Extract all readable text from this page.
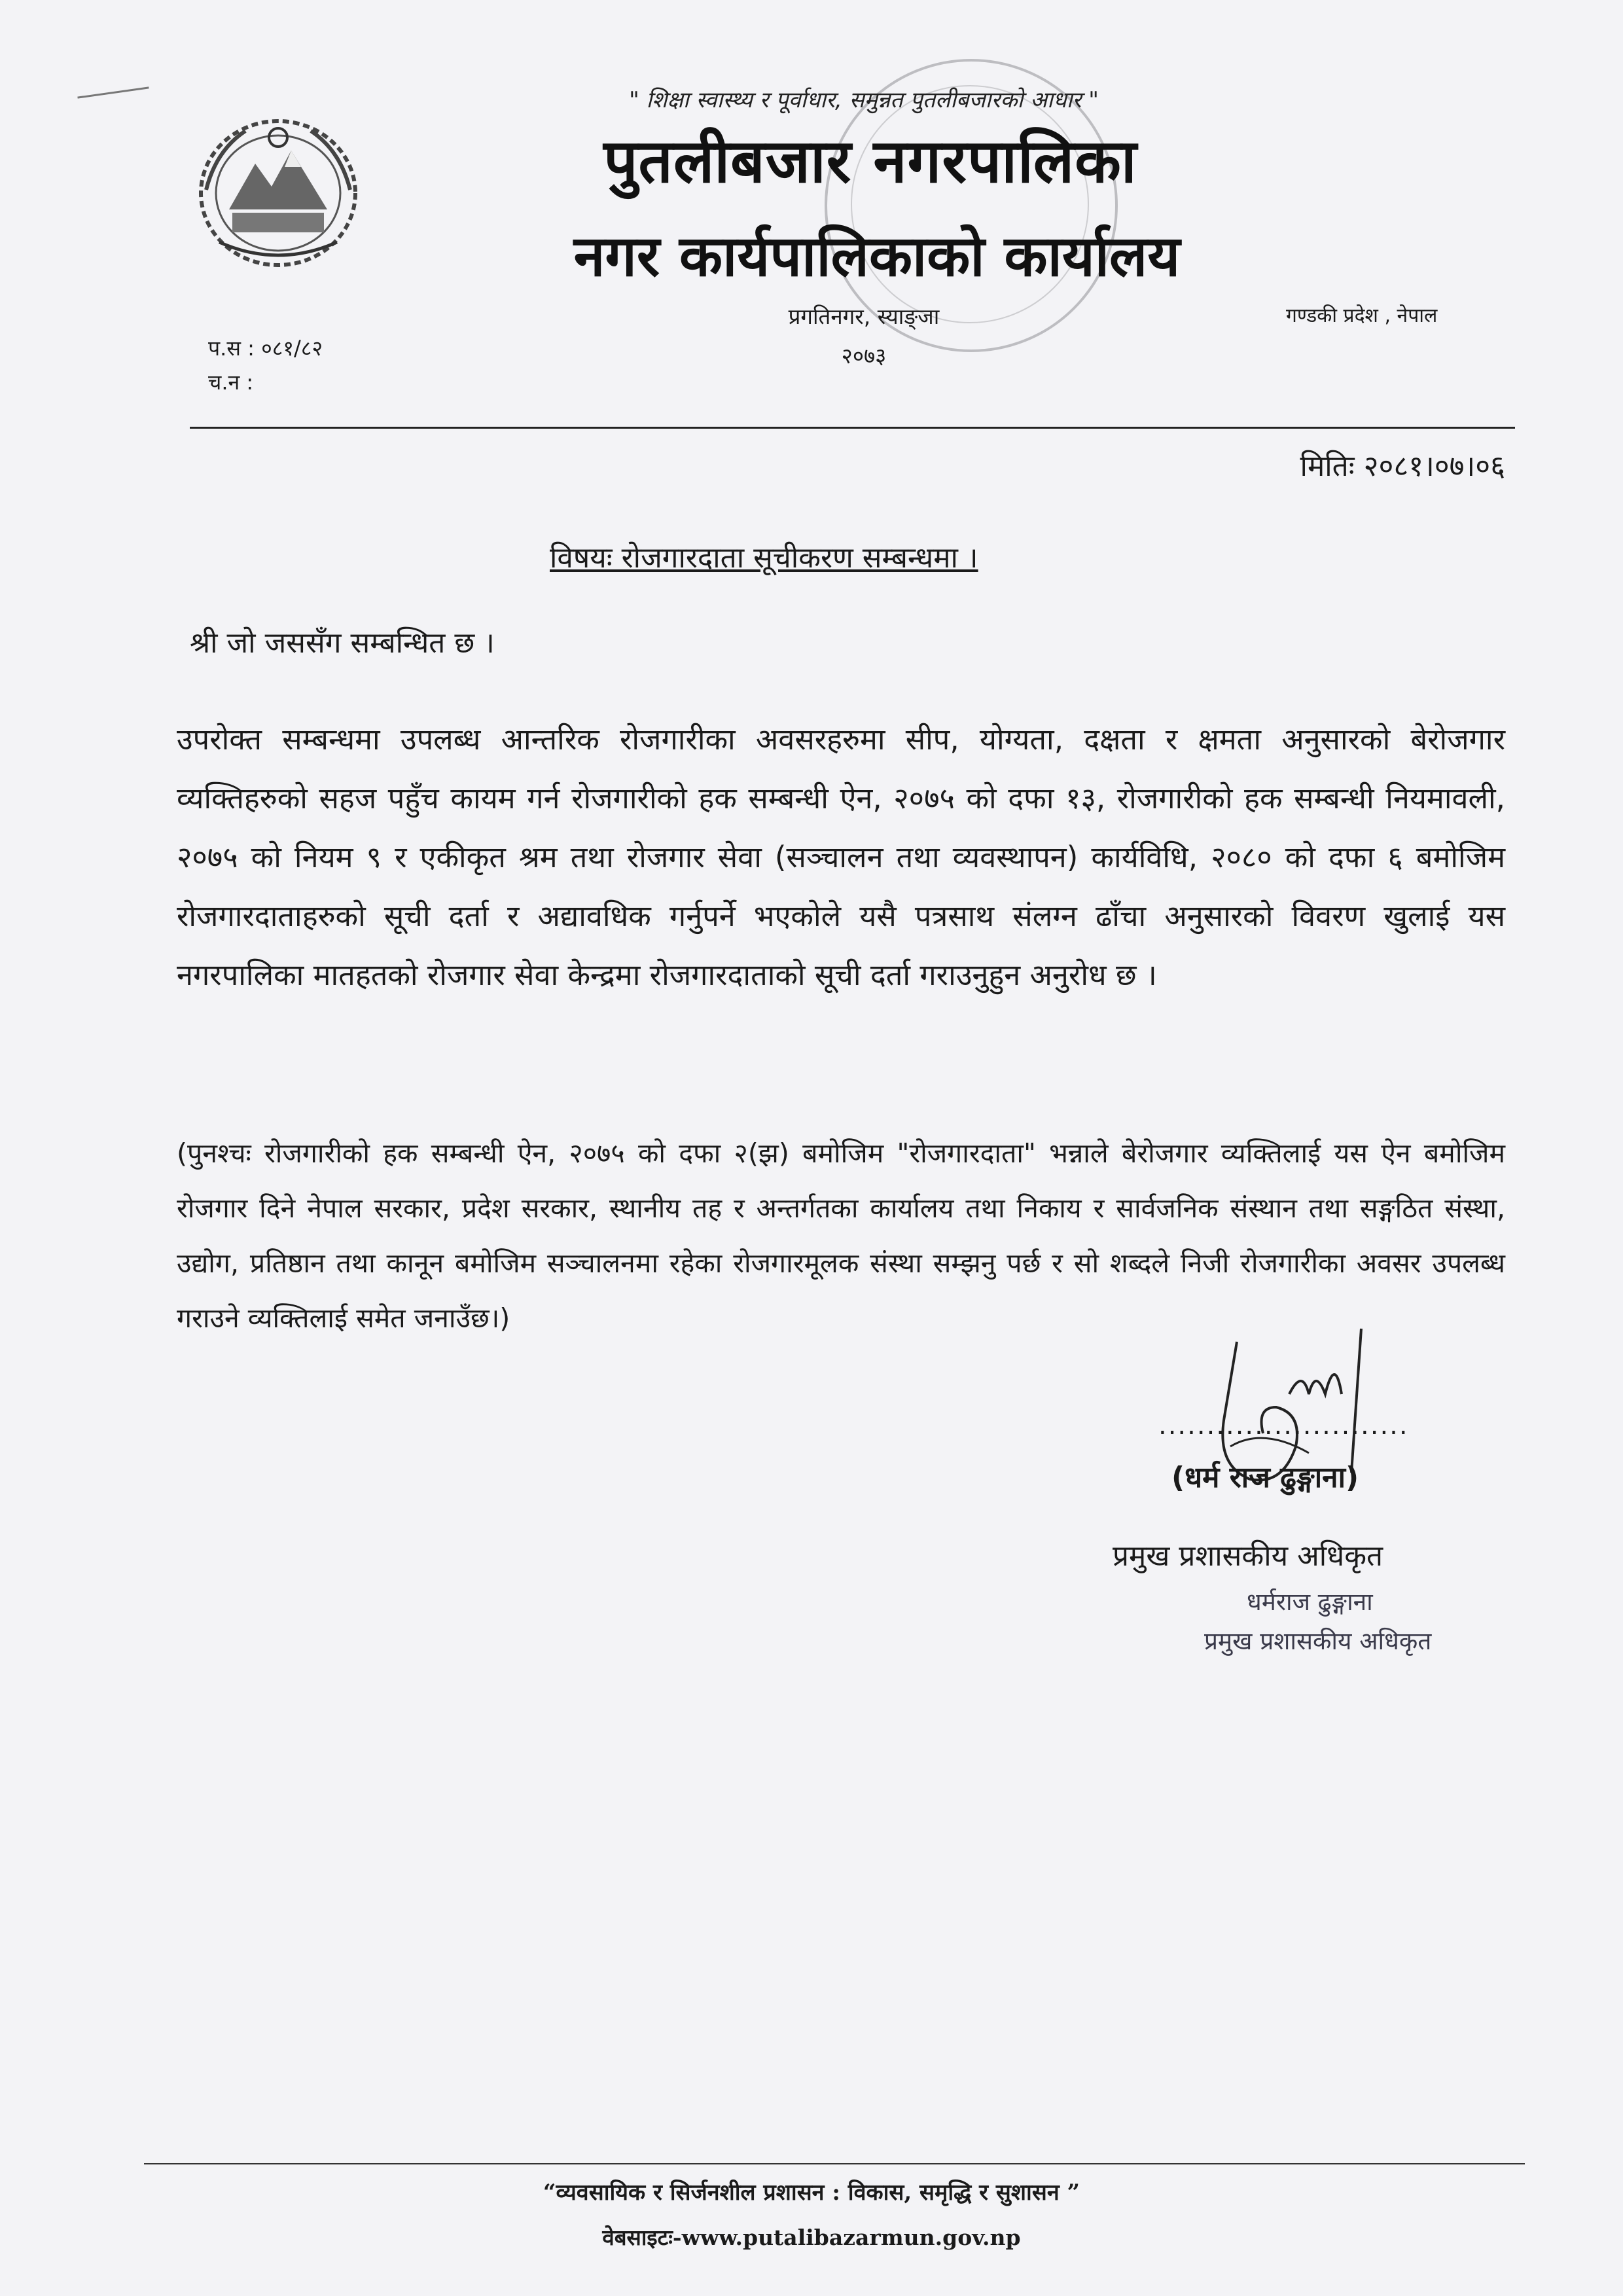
" शिक्षा स्वास्थ्य र पूर्वाधार, समुन्नत पुतलीबजारको आधार "
पुतलीबजार नगरपालिका
नगर कार्यपालिकाको कार्यालय
प्रगतिनगर, स्याङ्जा
२०७३
गण्डकी प्रदेश , नेपाल
प.स : ०८१/८२
च.न :
मितिः २०८१।०७।०६
विषयः रोजगारदाता सूचीकरण सम्बन्धमा ।
श्री जो जससँग सम्बन्धित छ ।
उपरोक्त सम्बन्धमा उपलब्ध आन्तरिक रोजगारीका अवसरहरुमा सीप, योग्यता, दक्षता र क्षमता अनुसारको बेरोजगार व्यक्तिहरुको सहज पहुँच कायम गर्न रोजगारीको हक सम्बन्धी ऐन, २०७५ को दफा १३, रोजगारीको हक सम्बन्धी नियमावली, २०७५ को नियम ९ र एकीकृत श्रम तथा रोजगार सेवा (सञ्चालन तथा व्यवस्थापन) कार्यविधि, २०८० को दफा ६ बमोजिम रोजगारदाताहरुको सूची दर्ता र अद्यावधिक गर्नुपर्ने भएकोले यसै पत्रसाथ संलग्न ढाँचा अनुसारको विवरण खुलाई यस नगरपालिका मातहतको रोजगार सेवा केन्द्रमा रोजगारदाताको सूची दर्ता गराउनुहुन अनुरोध छ ।
(पुनश्चः रोजगारीको हक सम्बन्धी ऐन, २०७५ को दफा २(झ) बमोजिम "रोजगारदाता" भन्नाले बेरोजगार व्यक्तिलाई यस ऐन बमोजिम रोजगार दिने नेपाल सरकार, प्रदेश सरकार, स्थानीय तह र अन्तर्गतका कार्यालय तथा निकाय र सार्वजनिक संस्थान तथा सङ्गठित संस्था, उद्योग, प्रतिष्ठान तथा कानून बमोजिम सञ्चालनमा रहेका रोजगारमूलक संस्था सम्झनु पर्छ र सो शब्दले निजी रोजगारीका अवसर उपलब्ध गराउने व्यक्तिलाई समेत जनाउँछ।)
..........................
(धर्म राज ढुङ्गाना)
प्रमुख प्रशासकीय अधिकृत
धर्मराज ढुङ्गाना
प्रमुख प्रशासकीय अधिकृत
“व्यवसायिक र सिर्जनशील प्रशासन : विकास, समृद्धि र सुशासन ”
वेबसाइटः-www.putalibazarmun.gov.np
